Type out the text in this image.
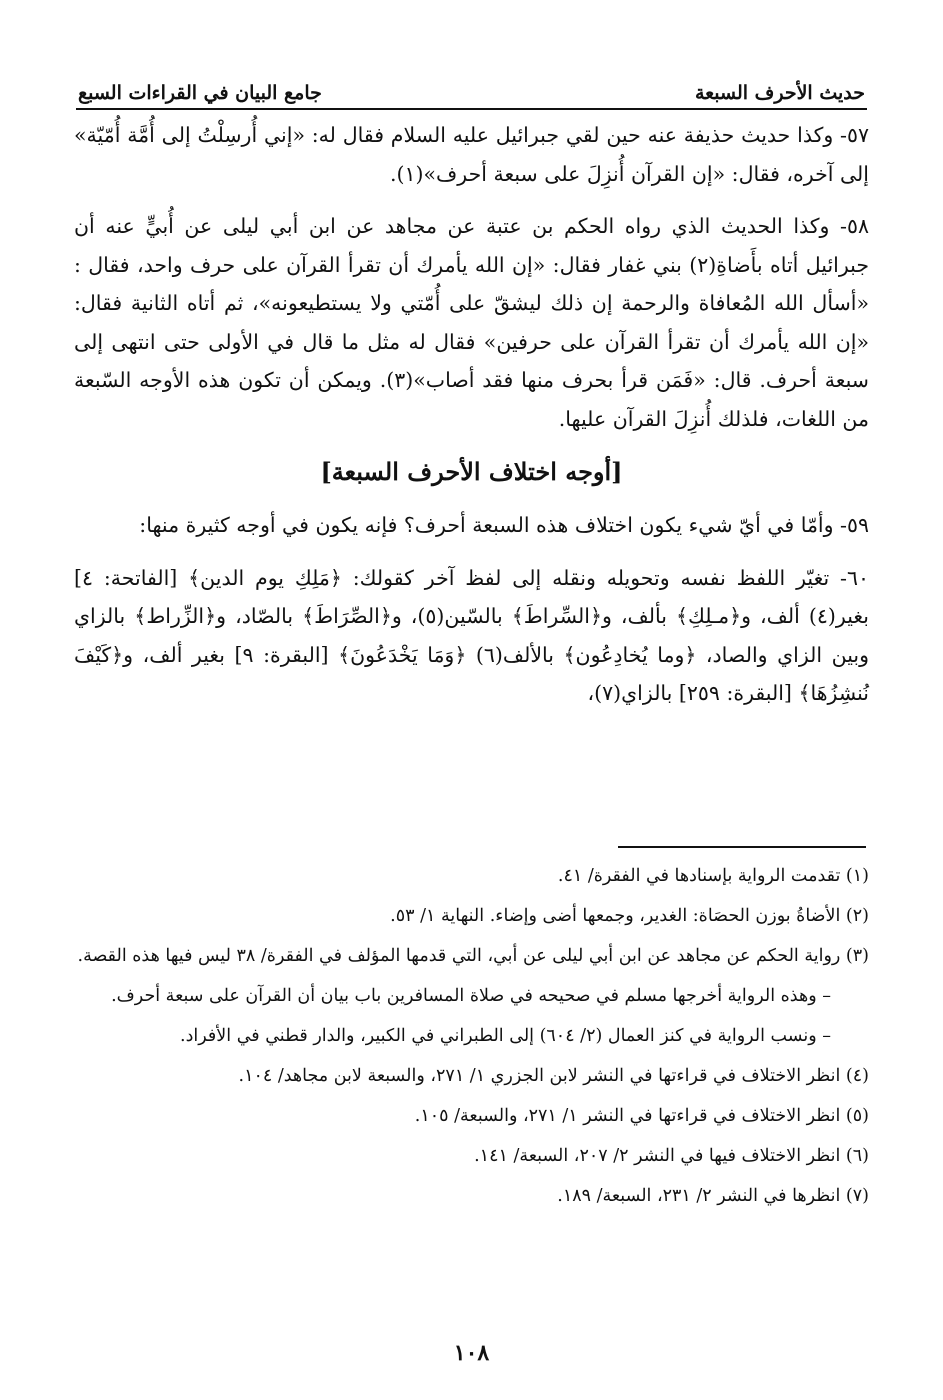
حديث الأحرف السبعة
جامع البيان في القراءات السبع

٥٧- وكذا حديث حذيفة عنه حين لقي جبرائيل عليه السلام فقال له: «إني أُرسِلْتُ إلى أُمَّة أُمّيّة» إلى آخره، فقال: «إن القرآن أُنزِلَ على سبعة أحرف»(١).

٥٨- وكذا الحديث الذي رواه الحكم بن عتبة عن مجاهد عن ابن أبي ليلى عن أُبيٍّ عنه أن جبرائيل أتاه بأَضاةِ(٢) بني غفار فقال: «إن الله يأمرك أن تقرأ القرآن على حرف واحد، فقال : «أسأل الله المُعافاة والرحمة إن ذلك ليشقّ على أُمّتي ولا يستطيعونه»، ثم أتاه الثانية فقال: «إن الله يأمرك أن تقرأ القرآن على حرفين» فقال له مثل ما قال في الأولى حتى انتهى إلى سبعة أحرف. قال: «فَمَن قرأ بحرف منها فقد أصاب»(٣). ويمكن أن تكون هذه الأوجه السّبعة من اللغات، فلذلك أُنزِلَ القرآن عليها.

[أوجه اختلاف الأحرف السبعة]

٥٩- وأمّا في أيّ شيء يكون اختلاف هذه السبعة أحرف؟ فإنه يكون في أوجه كثيرة منها:

٦٠- تغيّر اللفظ نفسه وتحويله ونقله إلى لفظ آخر كقولك: ﴿مَلِكِ يوم الدين﴾ [الفاتحة: ٤] بغير(٤) ألف، و﴿مـلِكِ﴾ بألف، و﴿السِّراطَ﴾ بالسّين(٥)، و﴿الصِّرَاطَ﴾ بالصّاد، و﴿الزِّراط﴾ بالزاي وبين الزاي والصاد، ﴿وما يُخادِعُون﴾ بالألف(٦) ﴿وَمَا يَخْدَعُونَ﴾ [البقرة: ٩] بغير ألف، و﴿كَيْفَ نُنشِزُهَا﴾ [البقرة: ٢٥٩] بالزاي(٧)،

(١) تقدمت الرواية بإسنادها في الفقرة/ ٤١.

(٢) الأضاةُ بوزن الحصَاة: الغدير، وجمعها أضى وإضاء. النهاية ١/ ٥٣.

(٣) رواية الحكم عن مجاهد عن ابن أبي ليلى عن أبي، التي قدمها المؤلف في الفقرة/ ٣٨ ليس فيها هذه القصة.

– وهذه الرواية أخرجها مسلم في صحيحه في صلاة المسافرين باب بيان أن القرآن على سبعة أحرف.

– ونسب الرواية في كنز العمال (٢/ ٦٠٤) إلى الطبراني في الكبير، والدار قطني في الأفراد.

(٤) انظر الاختلاف في قراءتها في النشر لابن الجزري ١/ ٢٧١، والسبعة لابن مجاهد/ ١٠٤.

(٥) انظر الاختلاف في قراءتها في النشر ١/ ٢٧١، والسبعة/ ١٠٥.

(٦) انظر الاختلاف فيها في النشر ٢/ ٢٠٧، السبعة/ ١٤١.

(٧) انظرها في النشر ٢/ ٢٣١، السبعة/ ١٨٩.

١٠٨
